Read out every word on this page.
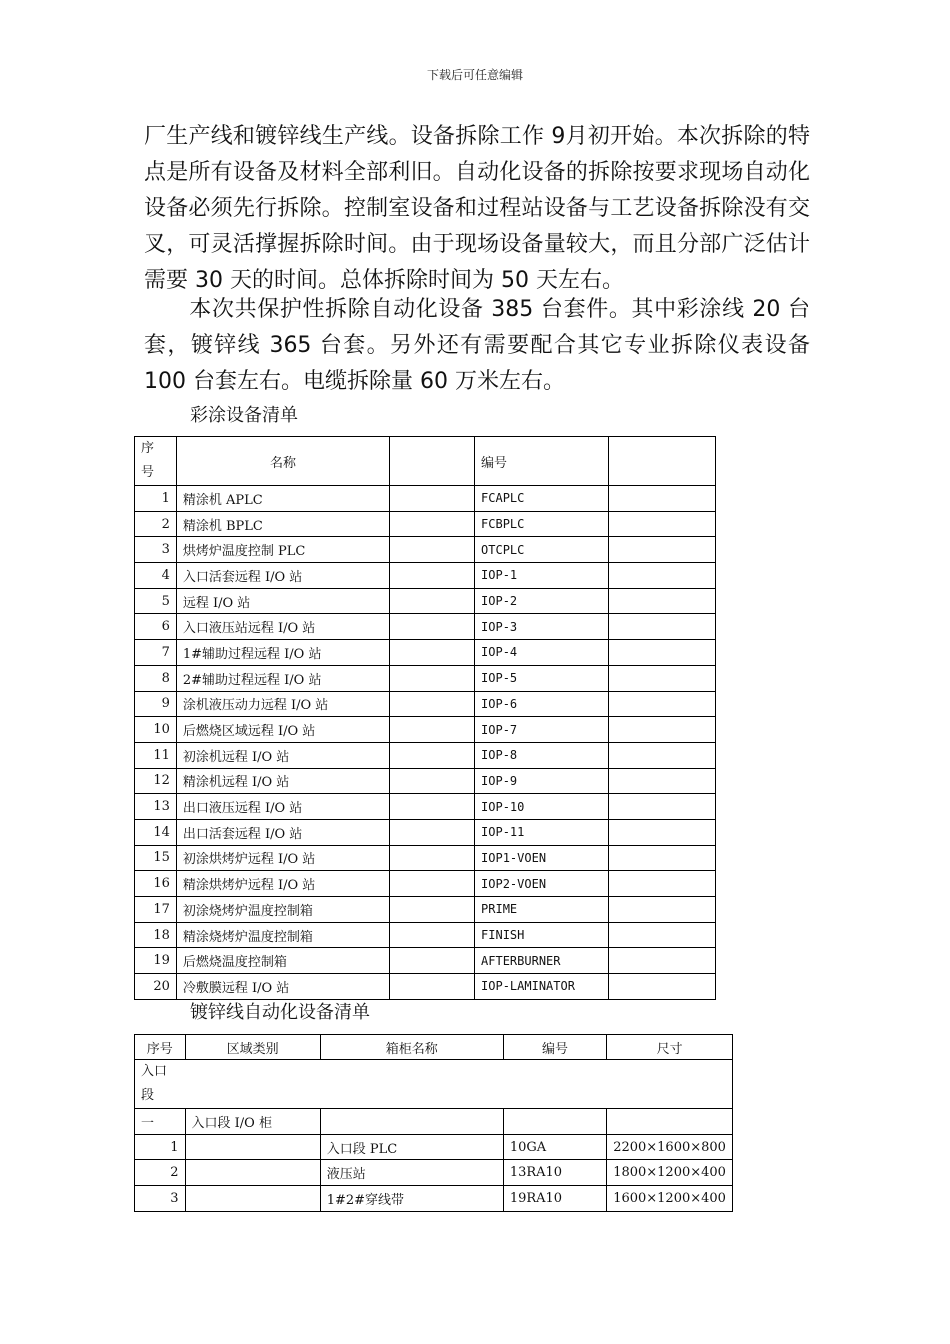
下载后可任意编辑

厂生产线和镀锌线生产线。设备拆除工作 9月初开始。本次拆除的特点是所有设备及材料全部利旧。自动化设备的拆除按要求现场自动化设备必须先行拆除。控制室设备和过程站设备与工艺设备拆除没有交叉，可灵活撑握拆除时间。由于现场设备量较大，而且分部广泛估计需要 30 天的时间。总体拆除时间为 50 天左右。

　　本次共保护性拆除自动化设备 385 台套件。其中彩涂线 20 台套，镀锌线 365 台套。另外还有需要配合其它专业拆除仪表设备 100 台套左右。电缆拆除量 60 万米左右。

彩涂设备清单
序号	名称		编号	
1	精涂机 APLC		FCAPLC	
2	精涂机 BPLC		FCBPLC	
3	烘烤炉温度控制 PLC		OTCPLC	
4	入口活套远程 I/O 站		IOP-1	
5	远程 I/O 站		IOP-2	
6	入口液压站远程 I/O 站		IOP-3	
7	1#辅助过程远程 I/O 站		IOP-4	
8	2#辅助过程远程 I/O 站		IOP-5	
9	涂机液压动力远程 I/O 站		IOP-6	
10	后燃烧区域远程 I/O 站		IOP-7	
11	初涂机远程 I/O 站		IOP-8	
12	精涂机远程 I/O 站		IOP-9	
13	出口液压远程 I/O 站		IOP-10	
14	出口活套远程 I/O 站		IOP-11	
15	初涂烘烤炉远程 I/O 站		IOP1-VOEN	
16	精涂烘烤炉远程 I/O 站		IOP2-VOEN	
17	初涂烧烤炉温度控制箱		PRIME	
18	精涂烧烤炉温度控制箱		FINISH	
19	后燃烧温度控制箱		AFTERBURNER	
20	冷敷膜远程 I/O 站		IOP-LAMINATOR	
镀锌线自动化设备清单
序号	区域类别	箱柜名称	编号	尺寸
入口段				
一	入口段 I/O 柜			
1		入口段 PLC	10GA	2200×1600×800
2		液压站	13RA10	1800×1200×400
3		1#2#穿线带	19RA10	1600×1200×400
